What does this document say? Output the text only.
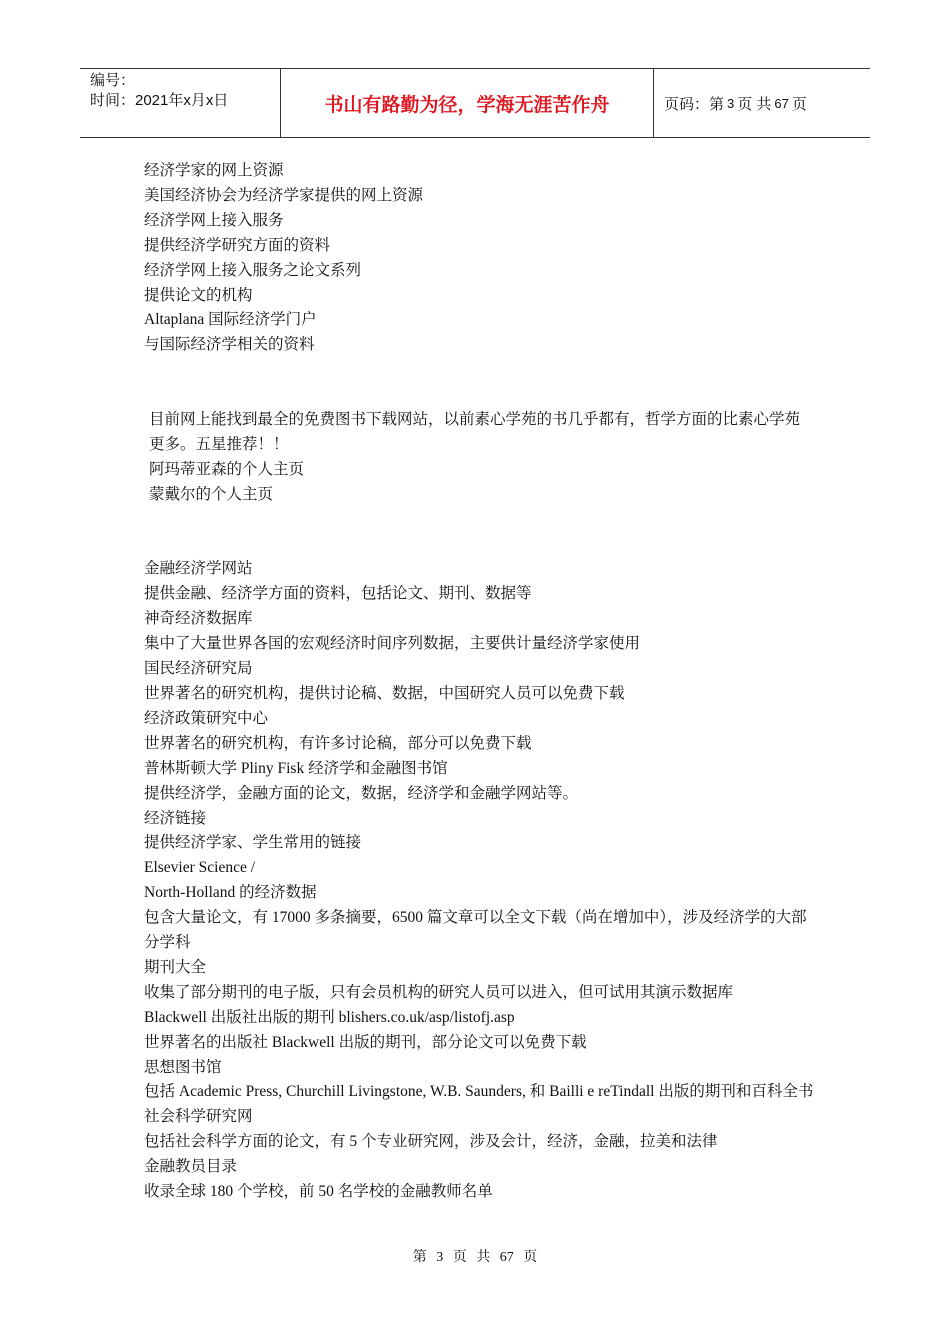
编号：
时间：2021年x月x日	书山有路勤为径，学海无涯苦作舟	页码：第 3 页 共 67 页

经济学家的网上资源

美国经济协会为经济学家提供的网上资源

经济学网上接入服务

提供经济学研究方面的资料

经济学网上接入服务之论文系列

提供论文的机构

Altaplana 国际经济学门户

与国际经济学相关的资料

目前网上能找到最全的免费图书下载网站，以前素心学苑的书几乎都有，哲学方面的比素心学苑更多。五星推荐！！

阿玛蒂亚森的个人主页

蒙戴尔的个人主页

金融经济学网站

提供金融、经济学方面的资料，包括论文、期刊、数据等

神奇经济数据库

集中了大量世界各国的宏观经济时间序列数据，主要供计量经济学家使用

国民经济研究局

世界著名的研究机构，提供讨论稿、数据，中国研究人员可以免费下载

经济政策研究中心

世界著名的研究机构，有许多讨论稿，部分可以免费下载

普林斯顿大学 Pliny Fisk 经济学和金融图书馆

提供经济学，金融方面的论文，数据，经济学和金融学网站等。

经济链接

提供经济学家、学生常用的链接

Elsevier Science /

North-Holland 的经济数据

包含大量论文，有 17000 多条摘要，6500 篇文章可以全文下载（尚在增加中），涉及经济学的大部分学科

期刊大全

收集了部分期刊的电子版，只有会员机构的研究人员可以进入，但可试用其演示数据库

Blackwell 出版社出版的期刊 blishers.co.uk/asp/listofj.asp

世界著名的出版社 Blackwell 出版的期刊，部分论文可以免费下载

思想图书馆

包括 Academic Press, Churchill Livingstone, W.B. Saunders, 和 Bailli e reTindall 出版的期刊和百科全书

社会科学研究网

包括社会科学方面的论文，有 5 个专业研究网，涉及会计，经济，金融，拉美和法律

金融教员目录

收录全球 180 个学校，前 50 名学校的金融教师名单

第 3 页 共 67 页
